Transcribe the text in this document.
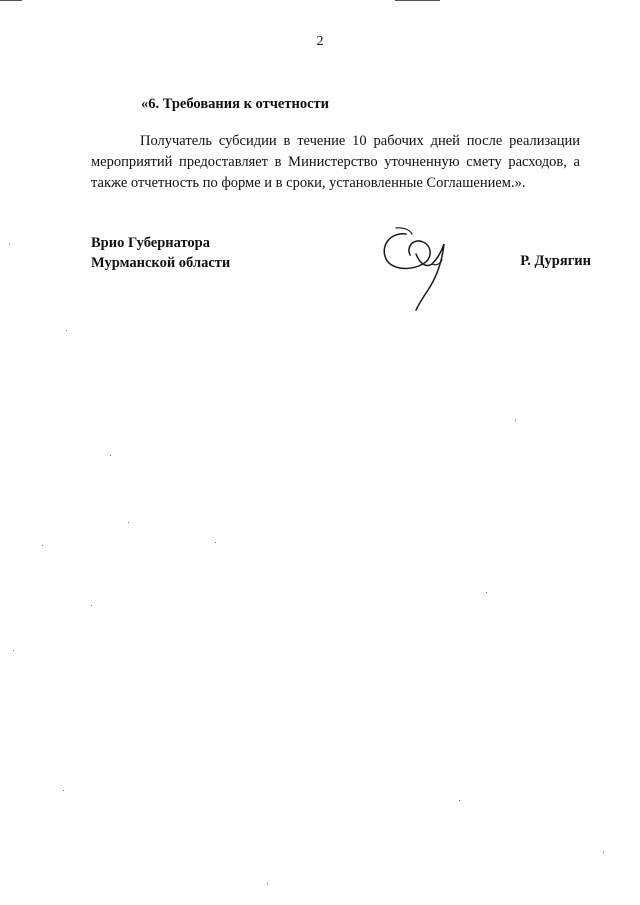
2
«6. Требования к отчетности

Получатель субсидии в течение 10 рабочих дней после реализации мероприятий предоставляет в Министерство уточненную смету расходов, а также отчетность по форме и в сроки, установленные Соглашением.».

Врио Губернатора
Мурманской области	Р. Дурягин
